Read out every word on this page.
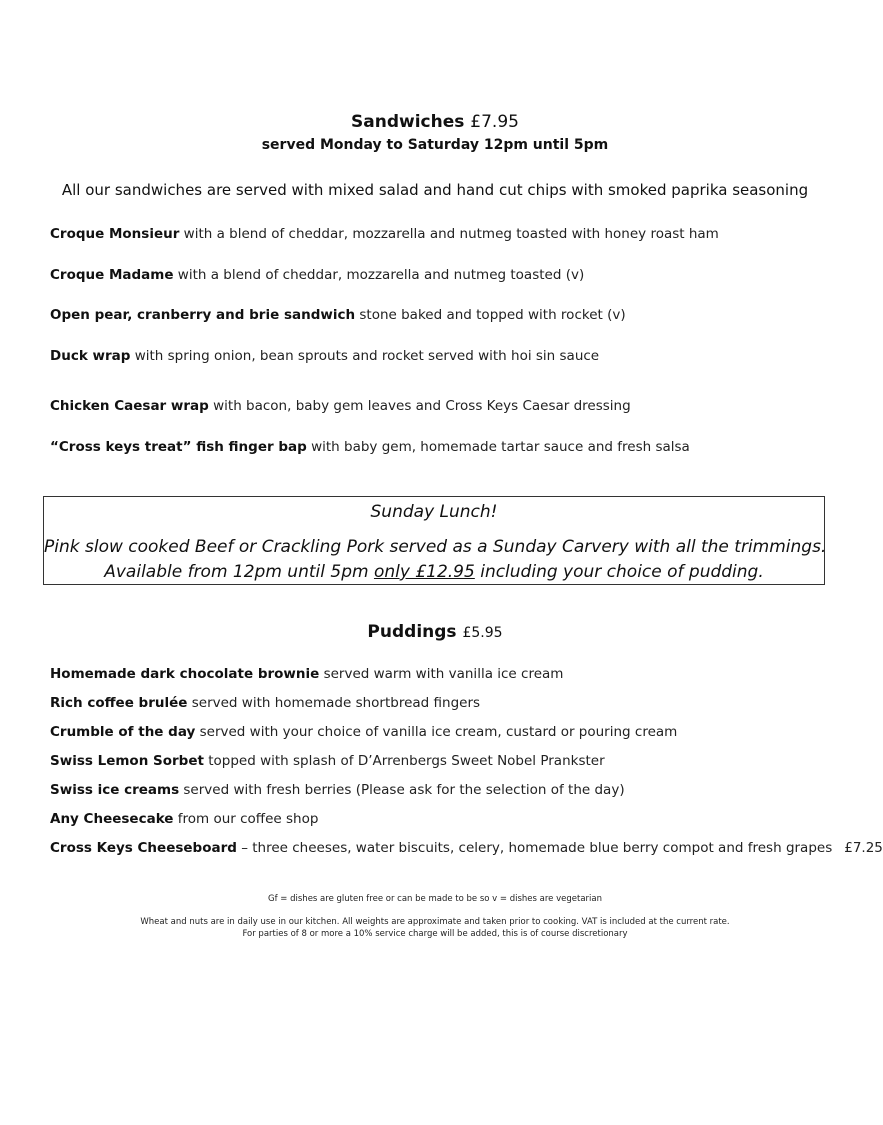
Sandwiches £7.95
served Monday to Saturday 12pm until 5pm
All our sandwiches are served with mixed salad and hand cut chips with smoked paprika seasoning
Croque Monsieur with a blend of cheddar, mozzarella and nutmeg toasted with honey roast ham
Croque Madame with a blend of cheddar, mozzarella and nutmeg toasted (v)
Open pear, cranberry and brie sandwich stone baked and topped with rocket (v)
Duck wrap with spring onion, bean sprouts and rocket served with hoi sin sauce
Chicken Caesar wrap with bacon, baby gem leaves and Cross Keys Caesar dressing
“Cross keys treat” fish finger bap with baby gem, homemade tartar sauce and fresh salsa
Sunday Lunch!
Pink slow cooked Beef or Crackling Pork served as a Sunday Carvery with all the trimmings.
Available from 12pm until 5pm only £12.95 including your choice of pudding.
Puddings £5.95
Homemade dark chocolate brownie served warm with vanilla ice cream
Rich coffee brulée served with homemade shortbread fingers
Crumble of the day served with your choice of vanilla ice cream, custard or pouring cream
Swiss Lemon Sorbet topped with splash of D’Arrenbergs Sweet Nobel Prankster
Swiss ice creams served with fresh berries (Please ask for the selection of the day)
Any Cheesecake from our coffee shop
Cross Keys Cheeseboard – three cheeses, water biscuits, celery, homemade blue berry compot and fresh grapes £7.25
Gf = dishes are gluten free or can be made to be so v = dishes are vegetarian
Wheat and nuts are in daily use in our kitchen. All weights are approximate and taken prior to cooking. VAT is included at the current rate.
For parties of 8 or more a 10% service charge will be added, this is of course discretionary
